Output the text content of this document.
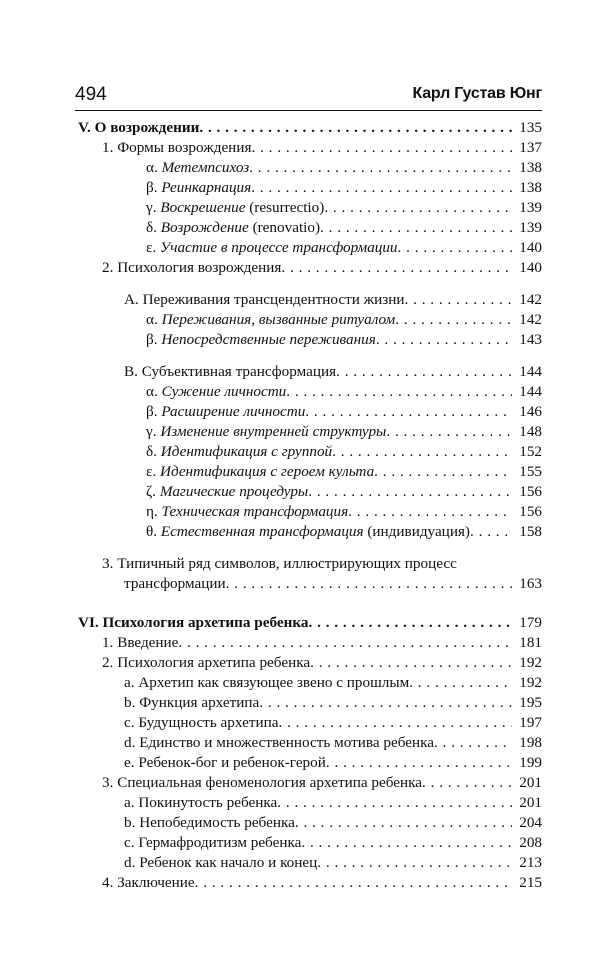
494	Карл Густав Юнг
V. О возрождении . . .	135
1. Формы возрождения . . .	137
α. Метемпсихоз . . .	138
β. Реинкарнация . . .	138
γ. Воскрешение (resurrectio) . . .	139
δ. Возрождение (renovatio) . . .	139
ε. Участие в процессе трансформации . . .	140
2. Психология возрождения . . .	140
A. Переживания трансцендентности жизни . . .	142
α. Переживания, вызванные ритуалом . . .	142
β. Непосредственные переживания . . .	143
B. Субъективная трансформация . . .	144
α. Сужение личности . . .	144
β. Расширение личности . . .	146
γ. Изменение внутренней структуры . . .	148
δ. Идентификация с группой . . .	152
ε. Идентификация с героем культа . . .	155
ζ. Магические процедуры . . .	156
η. Техническая трансформация . . .	156
θ. Естественная трансформация (индивидуация) . . .	158
3. Типичный ряд символов, иллюстрирующих процесс
трансформации . . .	163
VI. Психология архетипа ребенка . . .	179
1. Введение . . .	181
2. Психология архетипа ребенка . . .	192
a. Архетип как связующее звено с прошлым . . .	192
b. Функция архетипа . . .	195
c. Будущность архетипа . . .	197
d. Единство и множественность мотива ребенка . . .	198
e. Ребенок-бог и ребенок-герой . . .	199
3. Специальная феноменология архетипа ребенка . . .	201
a. Покинутость ребенка . . .	201
b. Непобедимость ребенка . . .	204
c. Гермафродитизм ребенка . . .	208
d. Ребенок как начало и конец . . .	213
4. Заключение . . .	215
